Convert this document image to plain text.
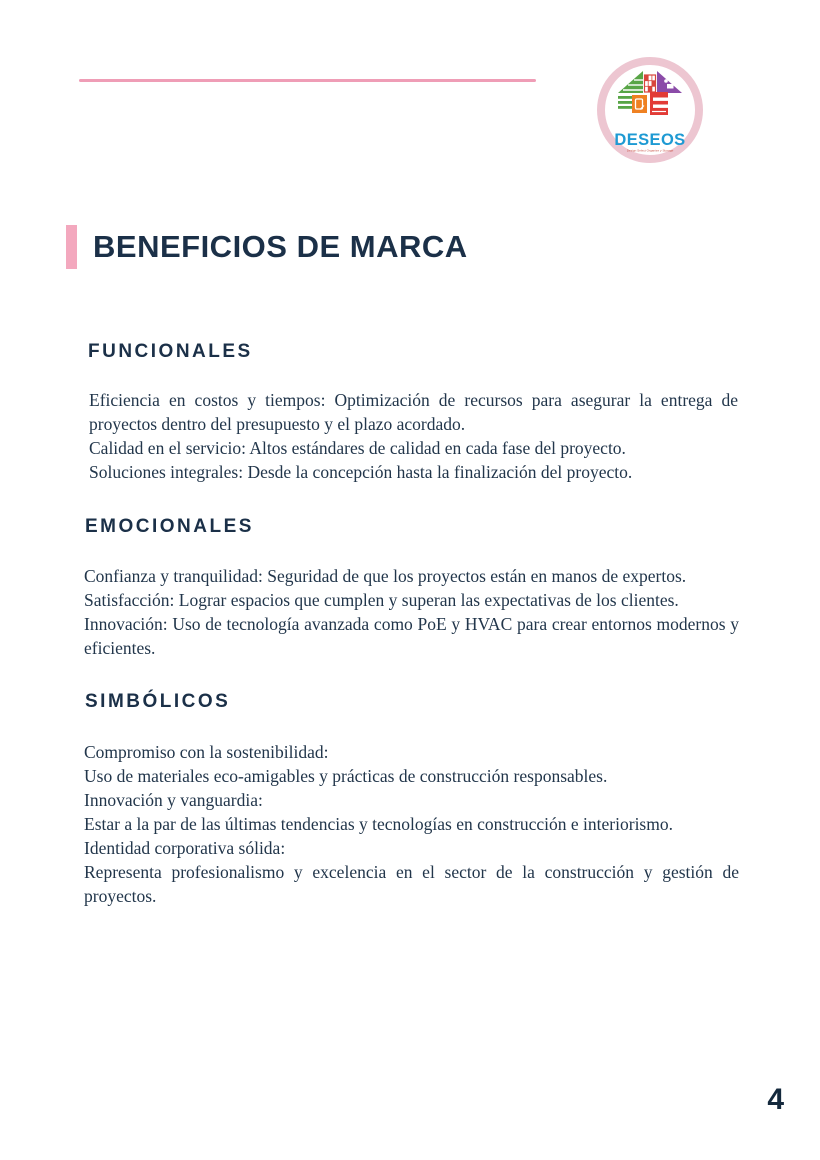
DESEOS
Design Select Organize y Storage
BENEFICIOS DE MARCA
FUNCIONALES

Eficiencia en costos y tiempos: Optimización de recursos para asegurar la entrega de proyectos dentro del presupuesto y el plazo acordado.

Calidad en el servicio: Altos estándares de calidad en cada fase del proyecto.

Soluciones integrales: Desde la concepción hasta la finalización del proyecto.

EMOCIONALES

Confianza y tranquilidad: Seguridad de que los proyectos están en manos de expertos.

Satisfacción: Lograr espacios que cumplen y superan las expectativas de los clientes.

Innovación: Uso de tecnología avanzada como PoE y HVAC para crear entornos modernos y eficientes.

SIMBÓLICOS

Compromiso con la sostenibilidad:

Uso de materiales eco-amigables y prácticas de construcción responsables.

Innovación y vanguardia:

Estar a la par de las últimas tendencias y tecnologías en construcción e interiorismo.

Identidad corporativa sólida:

Representa profesionalismo y excelencia en el sector de la construcción y gestión de proyectos.

4
